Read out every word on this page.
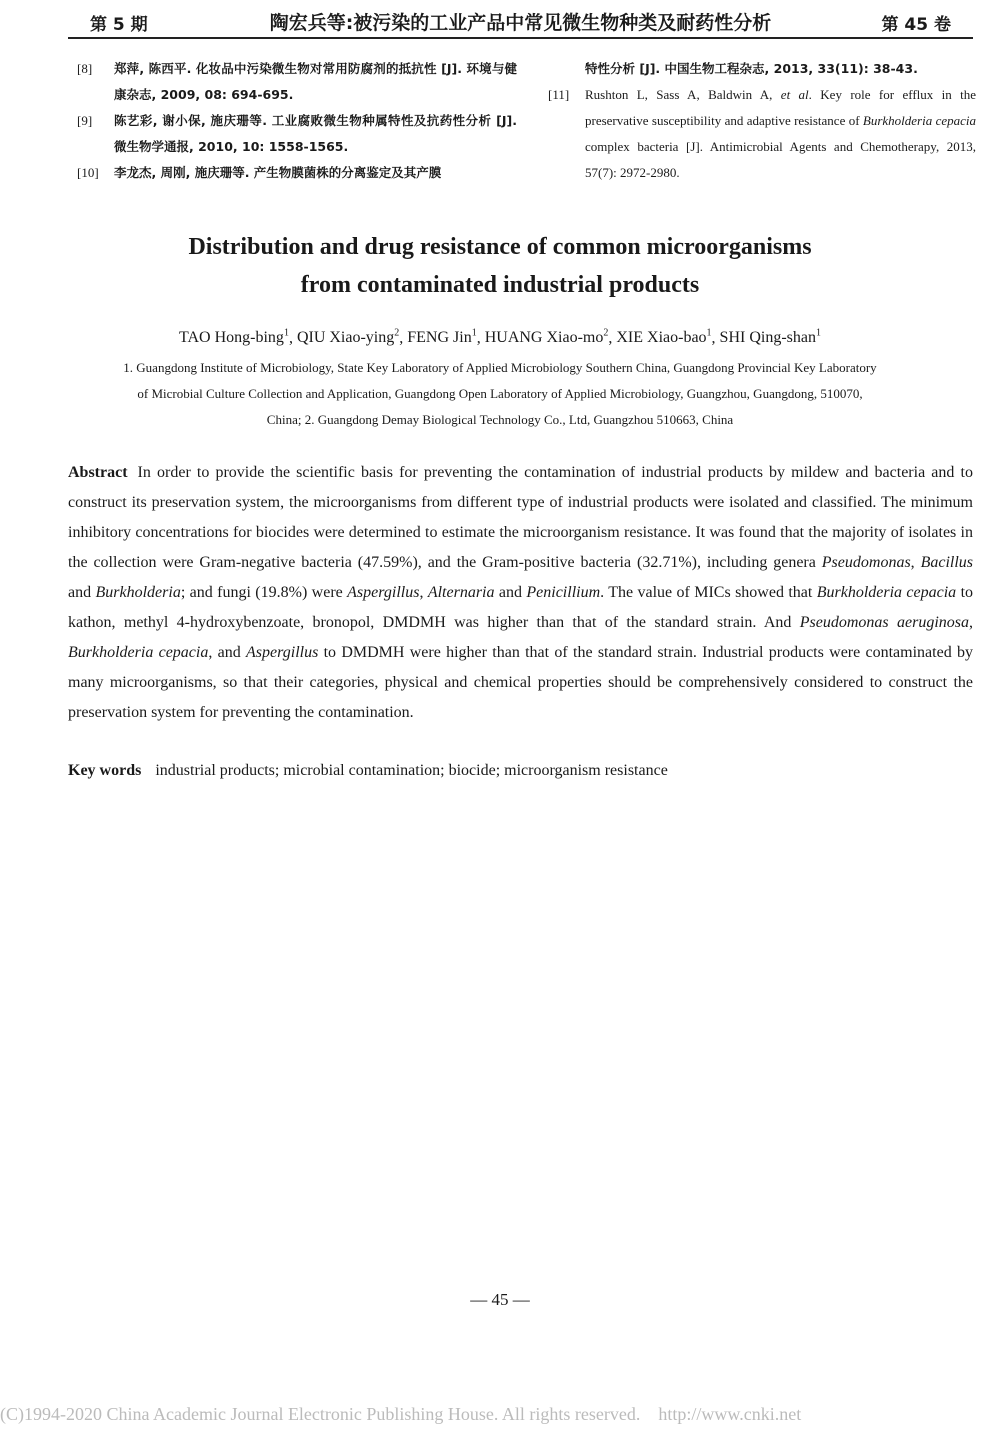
第 5 期	陶宏兵等:被污染的工业产品中常见微生物种类及耐药性分析	第 45 卷
[8] 郑萍, 陈西平. 化妆品中污染微生物对常用防腐剂的抵抗性 [J]. 环境与健康杂志, 2009, 08: 694-695.
[9] 陈艺彩, 谢小保, 施庆珊等. 工业腐败微生物种属特性及抗药性分析 [J]. 微生物学通报, 2010, 10: 1558-1565.
[10] 李龙杰, 周刚, 施庆珊等. 产生物膜菌株的分离鉴定及其产膜
特性分析 [J]. 中国生物工程杂志, 2013, 33(11): 38-43.
[11] Rushton L, Sass A, Baldwin A, et al. Key role for efflux in the preservative susceptibility and adaptive resistance of Burkholderia cepacia complex bacteria [J]. Antimicrobial Agents and Chemotherapy, 2013, 57(7): 2972-2980.
Distribution and drug resistance of common microorganisms
from contaminated industrial products
TAO Hong-bing$^1$, QIU Xiao-ying$^2$, FENG Jin$^1$, HUANG Xiao-$mo^2$, XIE Xiao-bao$^1$, SHI Qing-shan$^1$
1. Guangdong Institute of Microbiology, State Key Laboratory of Applied Microbiology Southern China, Guangdong Provincial Key Laboratory of Microbial Culture Collection and Application, Guangdong Open Laboratory of Applied Microbiology, Guangzhou, Guangdong, 510070, China; 2. Guangdong Demay Biological Technology Co., Ltd, Guangzhou 510663, China
Abstract In order to provide the scientific basis for preventing the contamination of industrial products by mildew and bacteria and to construct its preservation system, the microorganisms from different type of industrial products were isolated and classified. The minimum inhibitory concentrations for biocides were determined to estimate the microorganism resistance. It was found that the majority of isolates in the collection were Gram-negative bacteria (47.59%), and the Gram-positive bacteria (32.71%), including genera Pseudomonas, Bacillus and Burkholderia; and fungi (19.8%) were Aspergillus, Alternaria and Penicillium. The value of MICs showed that Burkholderia cepacia to kathon, methyl 4-hydroxybenzoate, bronopol, DMDMH was higher than that of the standard strain. And Pseudomonas aeruginosa, Burkholderia cepacia, and Aspergillus to DMDMH were higher than that of the standard strain. Industrial products were contaminated by many microorganisms, so that their categories, physical and chemical properties should be comprehensively considered to construct the preservation system for preventing the contamination.
Key words industrial products; microbial contamination; biocide; microorganism resistance
— 45 —
(C)1994-2020 China Academic Journal Electronic Publishing House. All rights reserved. http://www.cnki.net
